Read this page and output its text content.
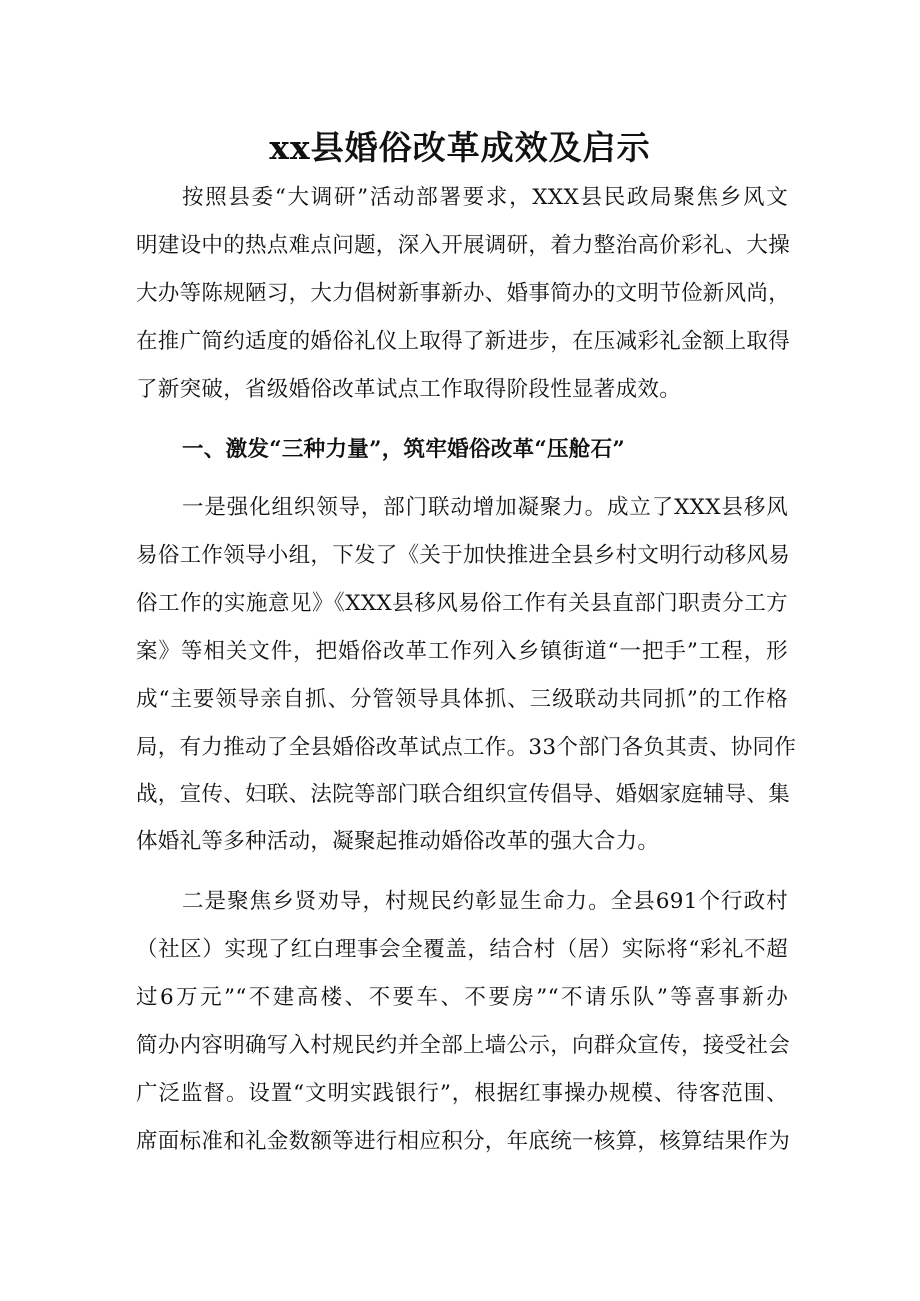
xx县婚俗改革成效及启示
按照县委“大调研”活动部署要求，XXX县民政局聚焦乡风文
明建设中的热点难点问题，深入开展调研，着力整治高价彩礼、大操
大办等陈规陋习，大力倡树新事新办、婚事简办的文明节俭新风尚，
在推广简约适度的婚俗礼仪上取得了新进步，在压减彩礼金额上取得
了新突破，省级婚俗改革试点工作取得阶段性显著成效。
一、激发“三种力量”，筑牢婚俗改革“压舱石”
一是强化组织领导，部门联动增加凝聚力。成立了XXX县移风
易俗工作领导小组，下发了《关于加快推进全县乡村文明行动移风易
俗工作的实施意见》《XXX县移风易俗工作有关县直部门职责分工方
案》等相关文件，把婚俗改革工作列入乡镇街道“一把手”工程，形
成“主要领导亲自抓、分管领导具体抓、三级联动共同抓”的工作格
局，有力推动了全县婚俗改革试点工作。33个部门各负其责、协同作
战，宣传、妇联、法院等部门联合组织宣传倡导、婚姻家庭辅导、集
体婚礼等多种活动，凝聚起推动婚俗改革的强大合力。
二是聚焦乡贤劝导，村规民约彰显生命力。全县691个行政村
（社区）实现了红白理事会全覆盖，结合村（居）实际将“彩礼不超
过6万元”“不建高楼、不要车、不要房”“不请乐队”等喜事新办
简办内容明确写入村规民约并全部上墙公示，向群众宣传，接受社会
广泛监督。设置“文明实践银行”，根据红事操办规模、待客范围、
席面标准和礼金数额等进行相应积分，年底统一核算，核算结果作为
